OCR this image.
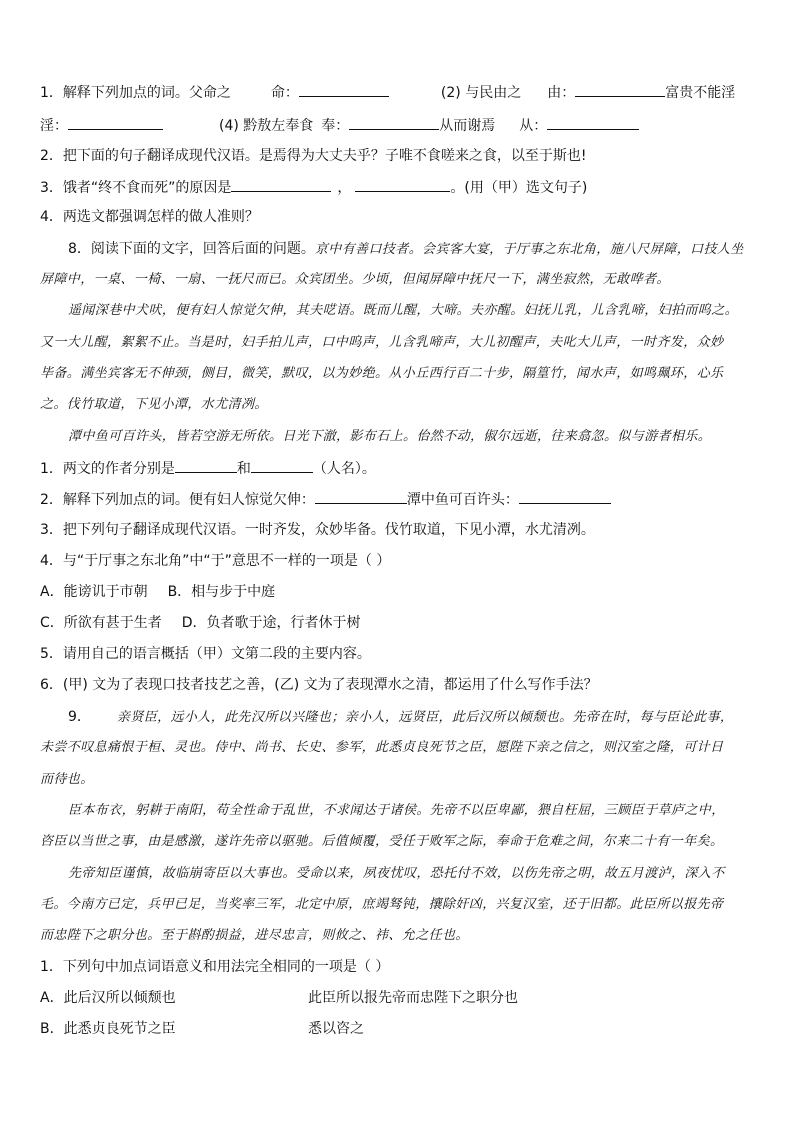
1．解释下列加点的词。父命之	命：	(2) 与民由之 由：	富贵不能淫
淫：	(4) 黔敖左奉食 奉：	从而谢焉 从：
2．把下面的句子翻译成现代汉语。是焉得为大丈夫乎？子唯不食嗟来之食，以至于斯也!
3．饿者“终不食而死”的原因是	，	。(用（甲）选文句子)
4．两选文都强调怎样的做人准则？
8．阅读下面的文字，回答后面的问题。京中有善口技者。会宾客大宴，于厅事之东北角，施八尺屏障，口技人坐
屏障中，一桌、一椅、一扇、一抚尺而已。众宾团坐。少顷，但闻屏障中抚尺一下，满坐寂然，无敢哗者。
遥闻深巷中犬吠，便有妇人惊觉欠伸，其夫呓语。既而儿醒，大啼。夫亦醒。妇抚儿乳，儿含乳啼，妇拍而呜之。
又一大儿醒，絮絮不止。当是时，妇手拍儿声，口中呜声，儿含乳啼声，大儿初醒声，夫叱大儿声，一时齐发，众妙
毕备。满坐宾客无不伸颈，侧目，微笑，默叹，以为妙绝。从小丘西行百二十步，隔篁竹，闻水声，如鸣珮环，心乐
之。伐竹取道，下见小潭，水尤清冽。
潭中鱼可百许头，皆若空游无所依。日光下澈，影布石上。佁然不动，俶尔远逝，往来翕忽。似与游者相乐。
1．两文的作者分别是	和	（人名）。
2．解释下列加点的词。便有妇人惊觉欠伸：	潭中鱼可百许头：
3．把下列句子翻译成现代汉语。一时齐发，众妙毕备。伐竹取道，下见小潭，水尤清冽。
4．与“于厅事之东北角”中“于”意思不一样的一项是（ ）
A．能谤讥于市朝 B．相与步于中庭
C．所欲有甚于生者 D．负者歌于途，行者休于树
5．请用自己的语言概括（甲）文第二段的主要内容。
6．(甲) 文为了表现口技者技艺之善，(乙) 文为了表现潭水之清，都运用了什么写作手法？
9． 亲贤臣，远小人，此先汉所以兴隆也；亲小人，远贤臣，此后汉所以倾颓也。先帝在时，每与臣论此事，
未尝不叹息痛恨于桓、灵也。侍中、尚书、长史、参军，此悉贞良死节之臣，愿陛下亲之信之，则汉室之隆，可计日
而待也。
臣本布衣，躬耕于南阳，苟全性命于乱世，不求闻达于诸侯。先帝不以臣卑鄙，猥自枉屈，三顾臣于草庐之中，
咨臣以当世之事，由是感激，遂许先帝以驱驰。后值倾覆，受任于败军之际，奉命于危难之间，尔来二十有一年矣。
先帝知臣谨慎，故临崩寄臣以大事也。受命以来，夙夜忧叹，恐托付不效，以伤先帝之明，故五月渡泸，深入不
毛。今南方已定，兵甲已足，当奖率三军，北定中原，庶竭驽钝，攘除奸凶，兴复汉室，还于旧都。此臣所以报先帝
而忠陛下之职分也。至于斟酌损益，进尽忠言，则攸之、祎、允之任也。
1．下列句中加点词语意义和用法完全相同的一项是（ ）
A．此后汉所以倾颓也	此臣所以报先帝而忠陛下之职分也
B．此悉贞良死节之臣	悉以咨之
